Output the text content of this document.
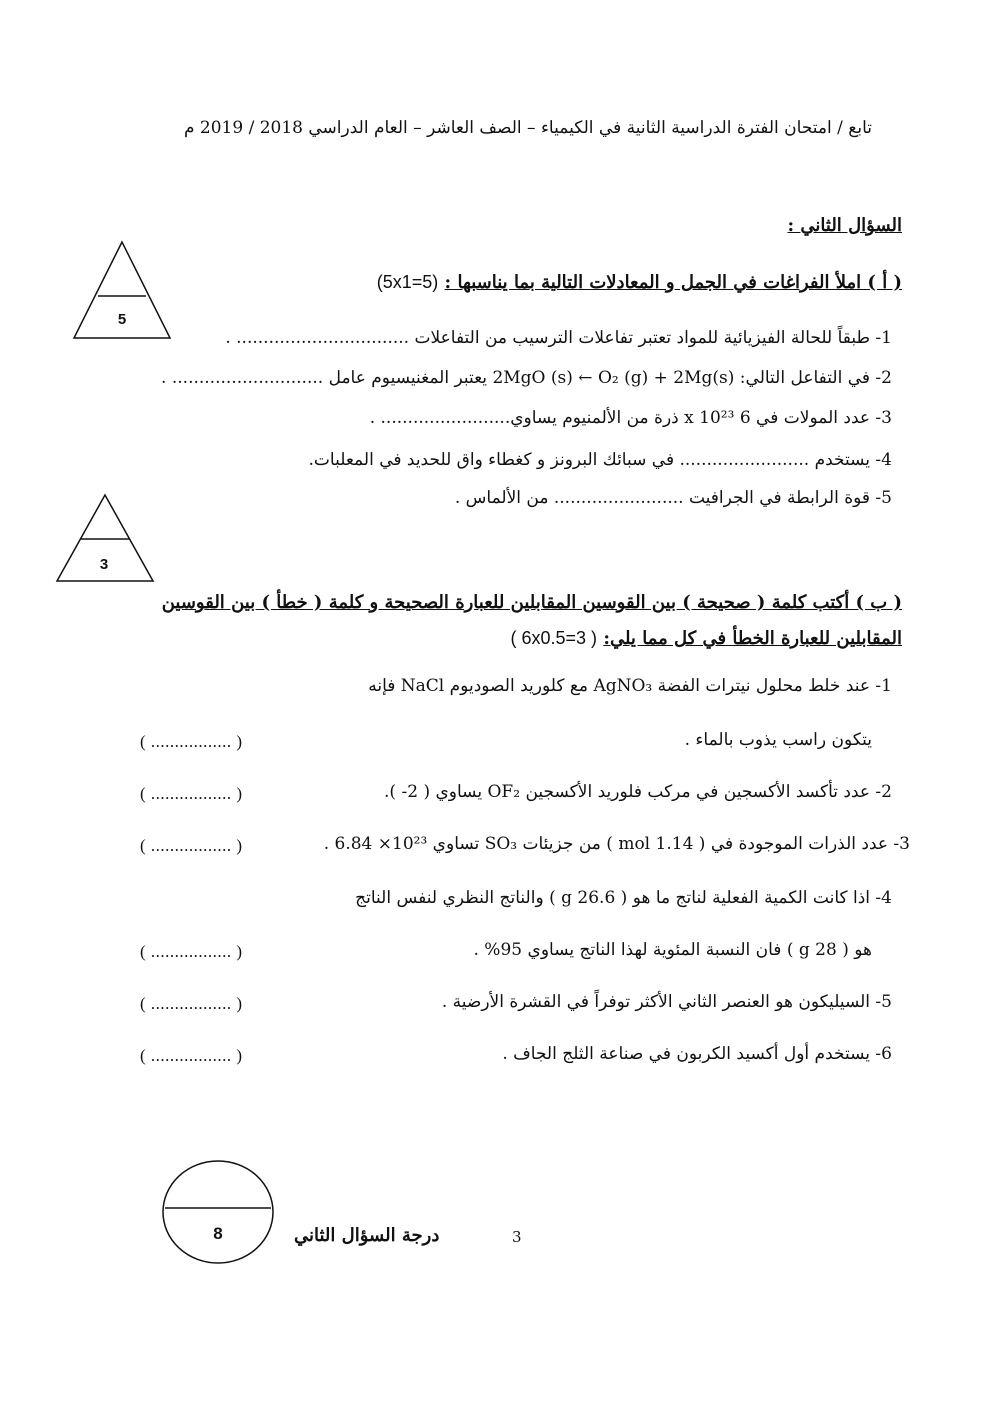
تابع / امتحان الفترة الدراسية الثانية في الكيمياء – الصف العاشر – العام الدراسي 2018 / 2019 م
السؤال الثاني :
5
( أ ) املأ الفراغات في الجمل و المعادلات التالية بما يناسبها : (5x1=5)
1- طبقاً للحالة الفيزيائية للمواد تعتبر تفاعلات الترسيب من التفاعلات ................................ .
2- في التفاعل التالي: 2MgO (s) ← O₂ (g) + 2Mg(s) يعتبر المغنيسيوم عامل ............................ .
3- عدد المولات في 6 x 10²³ ذرة من الألمنيوم يساوي........................ .
4- يستخدم ........................ في سبائك البرونز و كغطاء واق للحديد في المعلبات.
5- قوة الرابطة في الجرافيت ........................ من الألماس .
3
( ب ) أكتب كلمة ( صحيحة ) بين القوسين المقابلين للعبارة الصحيحة و كلمة ( خطأ ) بين القوسين
المقابلين للعبارة الخطأ في كل مما يلي: ( 6x0.5=3 )
1- عند خلط محلول نيترات الفضة AgNO₃ مع كلوريد الصوديوم NaCl فإنه
يتكون راسب يذوب بالماء .
( ................. )
2- عدد تأكسد الأكسجين في مركب فلوريد الأكسجين OF₂ يساوي ( 2- ).
( ................. )
3- عدد الذرات الموجودة في ( 1.14 mol ) من جزيئات SO₃ تساوي 10²³× 6.84 .
( ................. )
4- اذا كانت الكمية الفعلية لناتج ما هو ( 26.6 g ) والناتج النظري لنفس الناتج
هو ( 28 g ) فان النسبة المئوية لهذا الناتج يساوي 95% .
( ................. )
5- السيليكون هو العنصر الثاني الأكثر توفراً في القشرة الأرضية .
( ................. )
6- يستخدم أول أكسيد الكربون في صناعة الثلج الجاف .
( ................. )
8	درجة السؤال الثاني	3
